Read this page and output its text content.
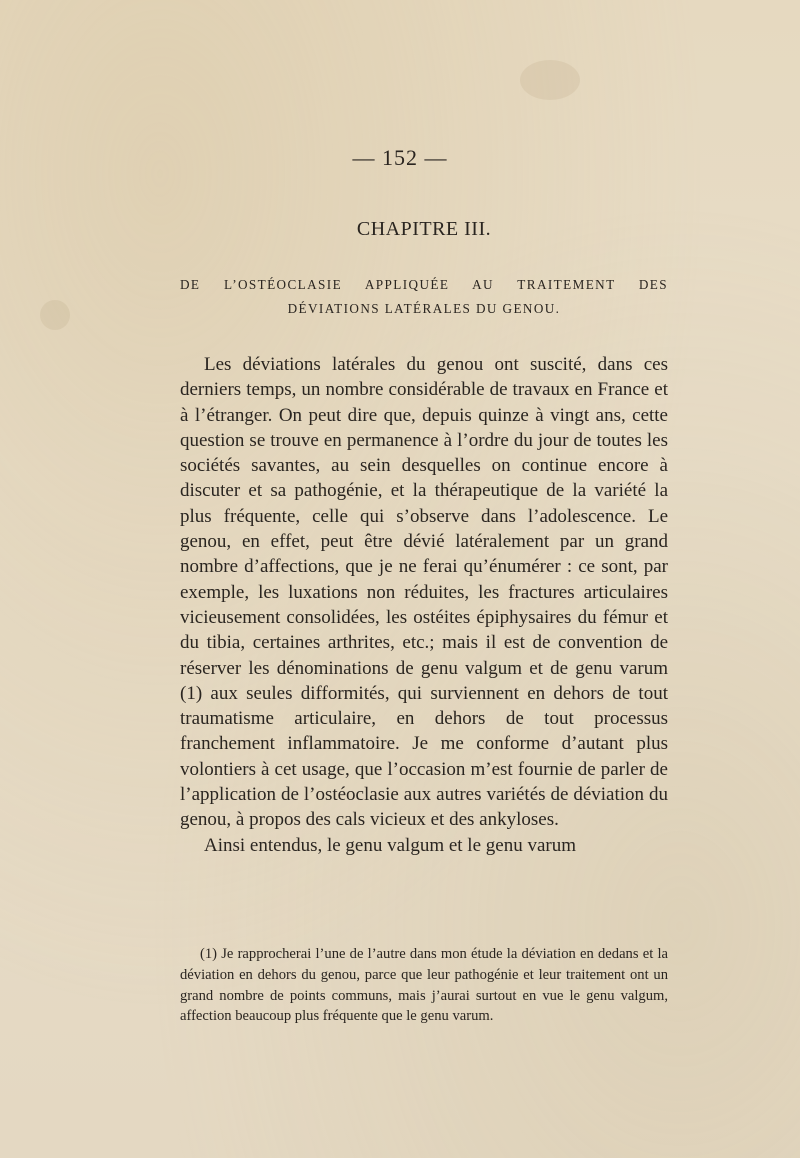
— 152 —
CHAPITRE III.
DE L’OSTÉOCLASIE APPLIQUÉE AU TRAITEMENT DES DÉVIATIONS LATÉRALES DU GENOU.

Les déviations latérales du genou ont suscité, dans ces derniers temps, un nombre considérable de travaux en France et à l’étranger. On peut dire que, depuis quinze à vingt ans, cette question se trouve en permanence à l’ordre du jour de toutes les sociétés savantes, au sein desquelles on continue encore à discuter et sa pathogénie, et la thérapeutique de la variété la plus fréquente, celle qui s’observe dans l’adolescence. Le genou, en effet, peut être dévié latéralement par un grand nombre d’affections, que je ne ferai qu’énumérer : ce sont, par exemple, les luxations non réduites, les fractures articulaires vicieusement consolidées, les ostéites épiphysaires du fémur et du tibia, certaines arthrites, etc.; mais il est de convention de réserver les dénominations de genu valgum et de genu varum (1) aux seules difformités, qui surviennent en dehors de tout traumatisme articulaire, en dehors de tout processus franchement inflammatoire. Je me conforme d’autant plus volontiers à cet usage, que l’occasion m’est fournie de parler de l’application de l’ostéoclasie aux autres variétés de déviation du genou, à propos des cals vicieux et des ankyloses.

Ainsi entendus, le genu valgum et le genu varum

(1) Je rapprocherai l’une de l’autre dans mon étude la déviation en dedans et la déviation en dehors du genou, parce que leur pathogénie et leur traitement ont un grand nombre de points communs, mais j’aurai surtout en vue le genu valgum, affection beaucoup plus fréquente que le genu varum.
